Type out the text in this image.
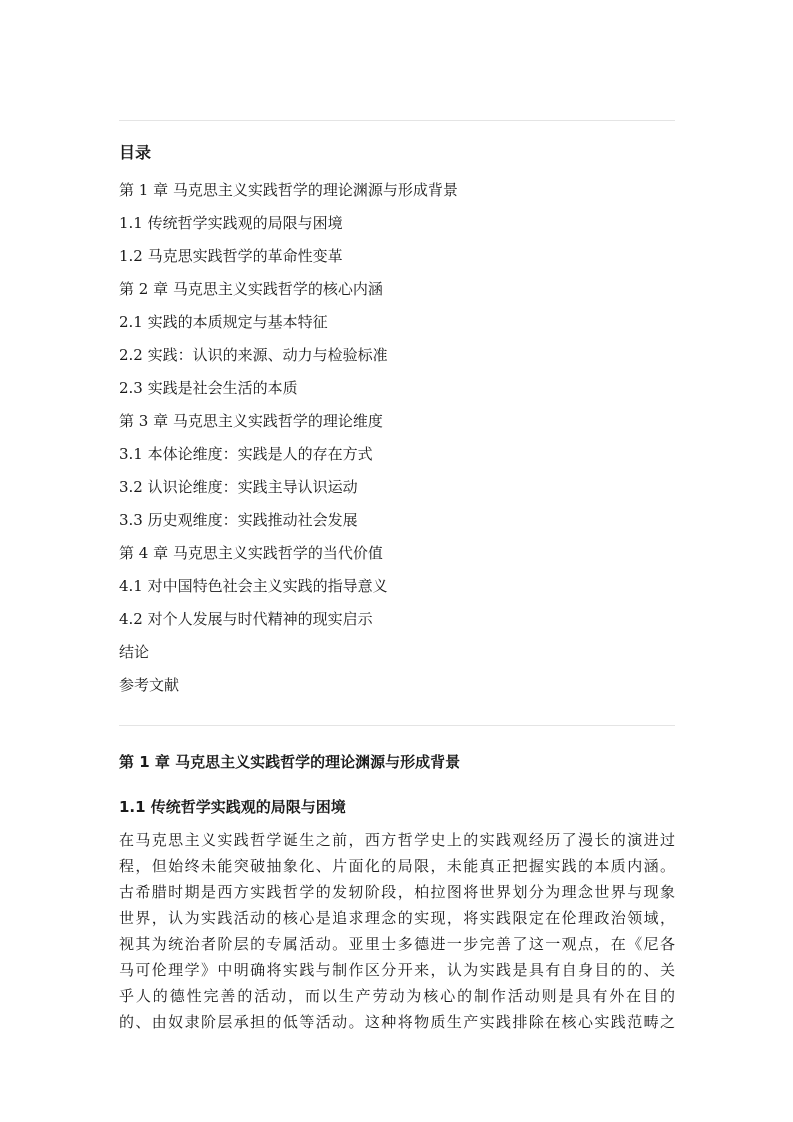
目录
第 1 章 马克思主义实践哲学的理论渊源与形成背景
1.1 传统哲学实践观的局限与困境
1.2 马克思实践哲学的革命性变革
第 2 章 马克思主义实践哲学的核心内涵
2.1 实践的本质规定与基本特征
2.2 实践：认识的来源、动力与检验标准
2.3 实践是社会生活的本质
第 3 章 马克思主义实践哲学的理论维度
3.1 本体论维度：实践是人的存在方式
3.2 认识论维度：实践主导认识运动
3.3 历史观维度：实践推动社会发展
第 4 章 马克思主义实践哲学的当代价值
4.1 对中国特色社会主义实践的指导意义
4.2 对个人发展与时代精神的现实启示
结论
参考文献
第 1 章 马克思主义实践哲学的理论渊源与形成背景
1.1 传统哲学实践观的局限与困境
在马克思主义实践哲学诞生之前，西方哲学史上的实践观经历了漫长的演进过
程，但始终未能突破抽象化、片面化的局限，未能真正把握实践的本质内涵。
古希腊时期是西方实践哲学的发轫阶段，柏拉图将世界划分为理念世界与现象
世界，认为实践活动的核心是追求理念的实现，将实践限定在伦理政治领域，
视其为统治者阶层的专属活动。亚里士多德进一步完善了这一观点，在《尼各
马可伦理学》中明确将实践与制作区分开来，认为实践是具有自身目的的、关
乎人的德性完善的活动，而以生产劳动为核心的制作活动则是具有外在目的
的、由奴隶阶层承担的低等活动。这种将物质生产实践排除在核心实践范畴之
